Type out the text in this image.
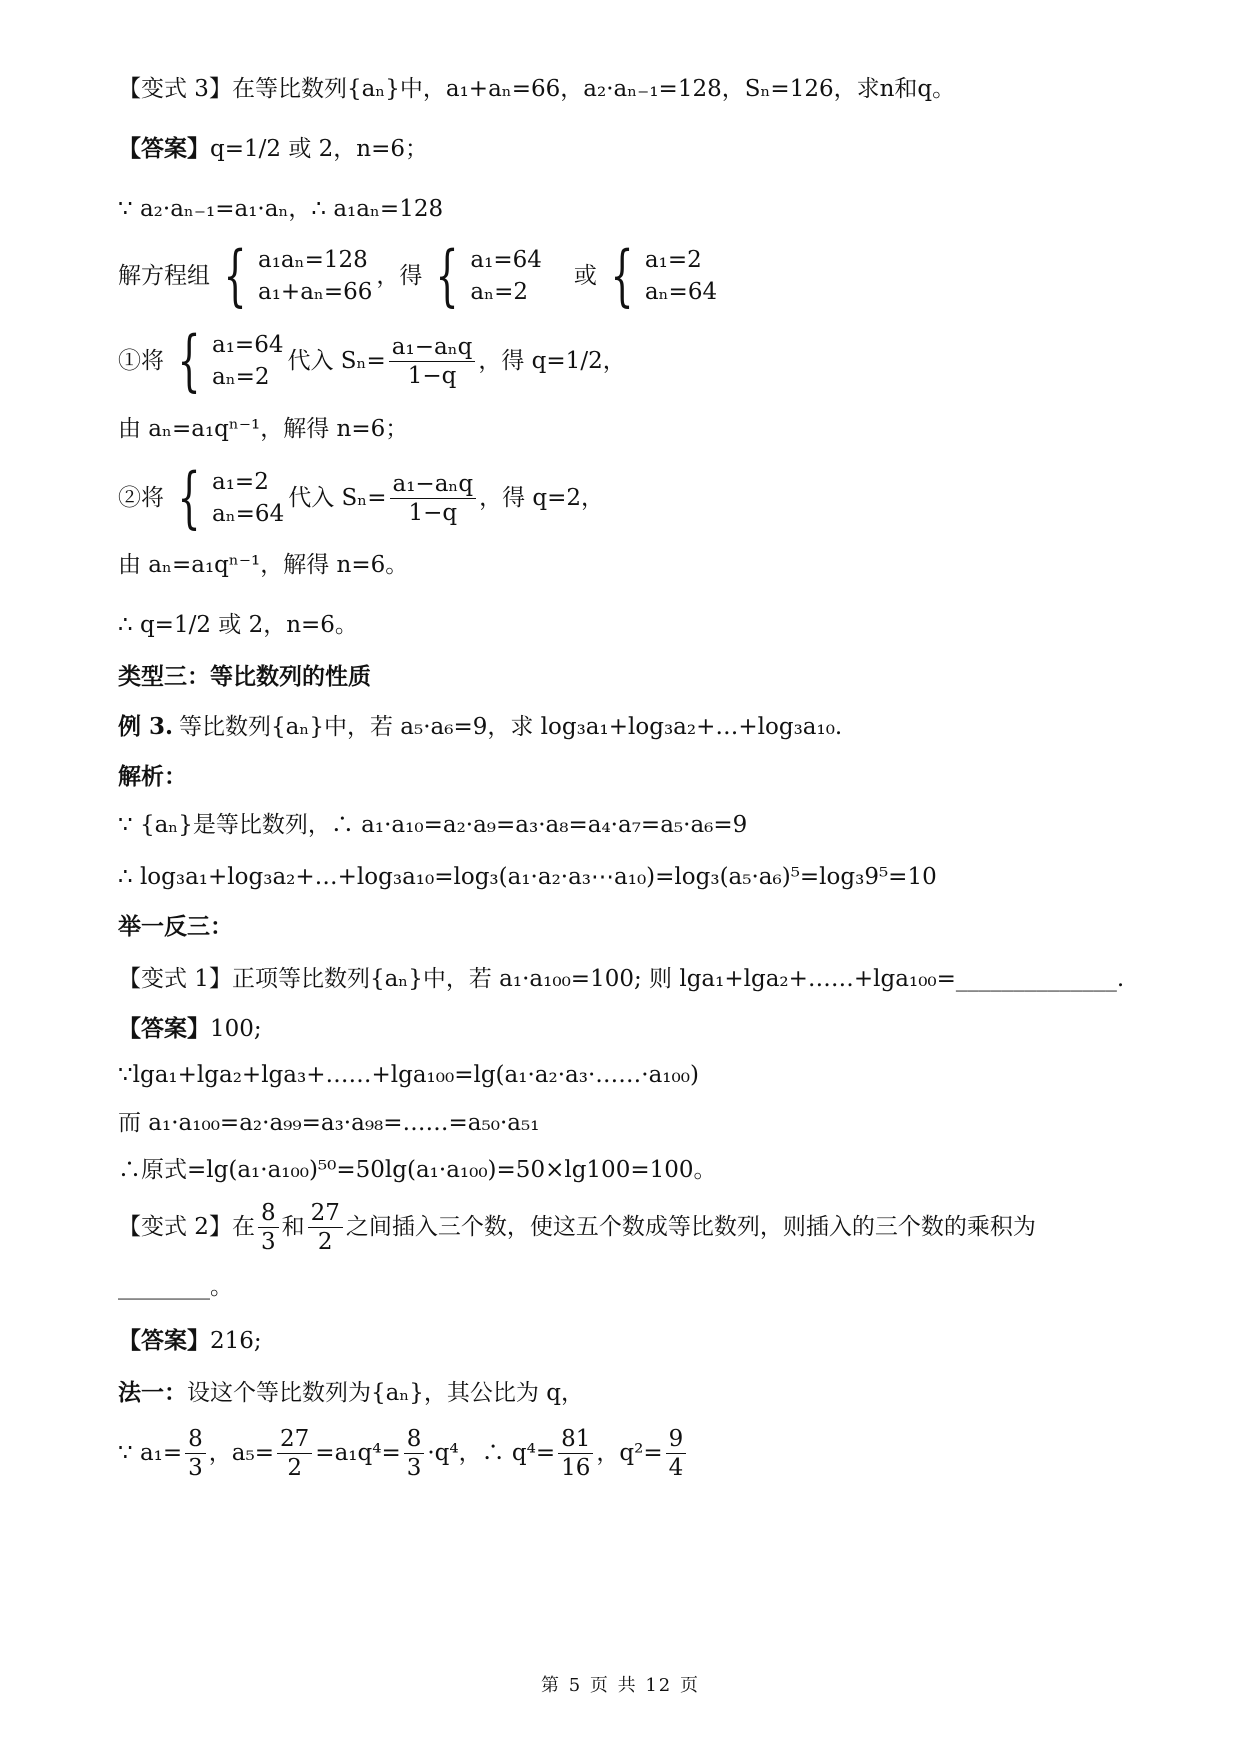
【变式 3】在等比数列{aₙ}中，a₁+aₙ=66，a₂·aₙ₋₁=128，Sₙ=126，求n和q。
【答案】 q=1/2 或 2，n=6；
∵ a₂·aₙ₋₁=a₁·aₙ，∴ a₁aₙ=128
解方程组 { a₁aₙ=128
a₁+aₙ=66
，得 { a₁=64
aₙ=2
或 { a₁=2
aₙ=64
①将 { a₁=64
aₙ=2
代入 $S_n= \frac{\text{a₁−aₙq}}{1-q}$ ，得 q=1/2，
由 aₙ=a₁qⁿ⁻¹，解得 n=6；
②将 { a₁=2
aₙ=64
代入 $S_n= \frac{\text{a₁−aₙq}}{1-q}$ ，得 q=2，
由 aₙ=a₁qⁿ⁻¹，解得 n=6。
∴ q=1/2 或 2，n=6。
类型三：等比数列的性质
例 3. 等比数列{aₙ}中，若 a₅·a₆=9，求 log₃a₁+log₃a₂+…+log₃a₁₀.
解析：
∵ {aₙ}是等比数列，∴ a₁·a₁₀=a₂·a₉=a₃·a₈=a₄·a₇=a₅·a₆=9
∴ log₃a₁+log₃a₂+…+log₃a₁₀=log₃(a₁·a₂·a₃⋯a₁₀)=log₃(a₅·a₆)⁵=log₃9⁵=10
举一反三：
【变式 1】正项等比数列{aₙ}中，若 a₁·a₁₀₀=100; 则 lga₁+lga₂+……+lga₁₀₀=______________.
【答案】 100;
∵lga₁+lga₂+lga₃+……+lga₁₀₀=lg(a₁·a₂·a₃·……·a₁₀₀)
而 a₁·a₁₀₀=a₂·a₉₉=a₃·a₉₈=……=a₅₀·a₅₁
∴原式=lg(a₁·a₁₀₀)⁵⁰=50lg(a₁·a₁₀₀)=50×lg100=100。
【变式 2】在 $\frac{8}{3}$ 和 $\frac{27}{2}$ 之间插入三个数，使这五个数成等比数列，则插入的三个数的乘积为
________。
【答案】 216;
法一： 设这个等比数列为{aₙ}，其公比为 q，
∵ $a_1= \frac{8}{3}$ ，$a_5= \frac{27}{2} =a_1q^4= \frac{8}{3} \cdot q^4$，∴ $q^4= \frac{81}{16}$ ，$q^2= \frac{9}{4}$
第 5 页 共 12 页
